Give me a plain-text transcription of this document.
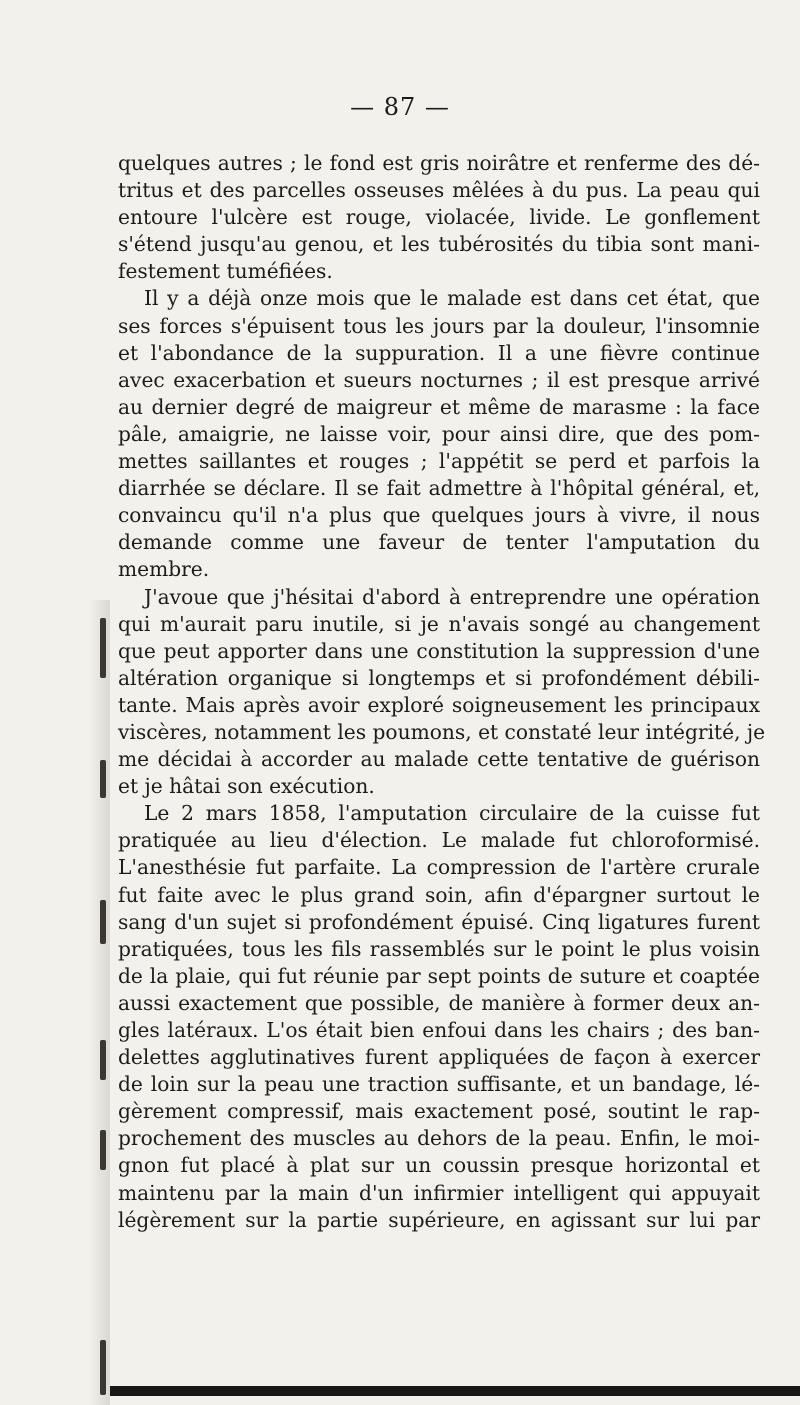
— 87 —
quelques autres ; le fond est gris noirâtre et renferme des dé-
tritus et des parcelles osseuses mêlées à du pus. La peau qui
entoure l'ulcère est rouge, violacée, livide. Le gonflement
s'étend jusqu'au genou, et les tubérosités du tibia sont mani-
festement tuméfiées.
Il y a déjà onze mois que le malade est dans cet état, que
ses forces s'épuisent tous les jours par la douleur, l'insomnie
et l'abondance de la suppuration. Il a une fièvre continue
avec exacerbation et sueurs nocturnes ; il est presque arrivé
au dernier degré de maigreur et même de marasme : la face
pâle, amaigrie, ne laisse voir, pour ainsi dire, que des pom-
mettes saillantes et rouges ; l'appétit se perd et parfois la
diarrhée se déclare. Il se fait admettre à l'hôpital général, et,
convaincu qu'il n'a plus que quelques jours à vivre, il nous
demande comme une faveur de tenter l'amputation du
membre.
J'avoue que j'hésitai d'abord à entreprendre une opération
qui m'aurait paru inutile, si je n'avais songé au changement
que peut apporter dans une constitution la suppression d'une
altération organique si longtemps et si profondément débili-
tante. Mais après avoir exploré soigneusement les principaux
viscères, notamment les poumons, et constaté leur intégrité, je
me décidai à accorder au malade cette tentative de guérison
et je hâtai son exécution.
Le 2 mars 1858, l'amputation circulaire de la cuisse fut
pratiquée au lieu d'élection. Le malade fut chloroformisé.
L'anesthésie fut parfaite. La compression de l'artère crurale
fut faite avec le plus grand soin, afin d'épargner surtout le
sang d'un sujet si profondément épuisé. Cinq ligatures furent
pratiquées, tous les fils rassemblés sur le point le plus voisin
de la plaie, qui fut réunie par sept points de suture et coaptée
aussi exactement que possible, de manière à former deux an-
gles latéraux. L'os était bien enfoui dans les chairs ; des ban-
delettes agglutinatives furent appliquées de façon à exercer
de loin sur la peau une traction suffisante, et un bandage, lé-
gèrement compressif, mais exactement posé, soutint le rap-
prochement des muscles au dehors de la peau. Enfin, le moi-
gnon fut placé à plat sur un coussin presque horizontal et
maintenu par la main d'un infirmier intelligent qui appuyait
légèrement sur la partie supérieure, en agissant sur lui par
